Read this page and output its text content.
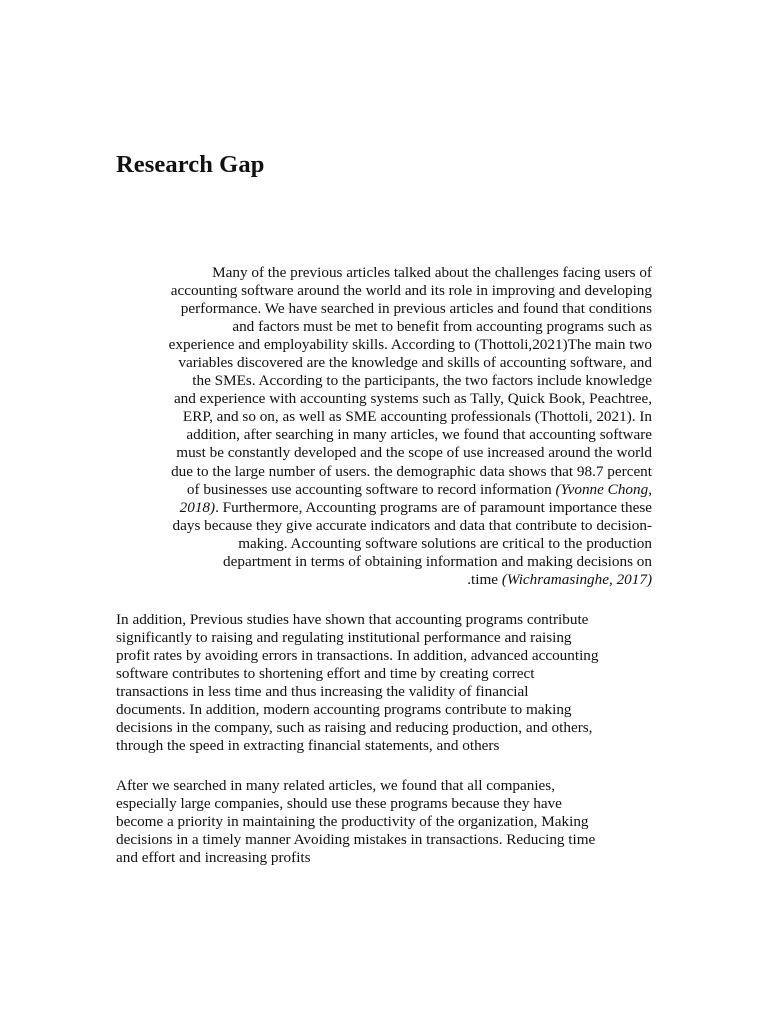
Research Gap
Many of the previous articles talked about the challenges facing users of
accounting software around the world and its role in improving and developing
performance. We have searched in previous articles and found that conditions
and factors must be met to benefit from accounting programs such as
experience and employability skills. According to (Thottoli,2021)The main two
variables discovered are the knowledge and skills of accounting software, and
the SMEs. According to the participants, the two factors include knowledge
and experience with accounting systems such as Tally, Quick Book, Peachtree,
ERP, and so on, as well as SME accounting professionals (Thottoli, 2021). In
addition, after searching in many articles, we found that accounting software
must be constantly developed and the scope of use increased around the world
due to the large number of users. the demographic data shows that 98.7 percent
of businesses use accounting software to record information (Yvonne Chong,
2018). Furthermore, Accounting programs are of paramount importance these
days because they give accurate indicators and data that contribute to decision-
making. Accounting software solutions are critical to the production
department in terms of obtaining information and making decisions on
.time (Wichramasinghe, 2017)
In addition, Previous studies have shown that accounting programs contribute
significantly to raising and regulating institutional performance and raising
profit rates by avoiding errors in transactions. In addition, advanced accounting
software contributes to shortening effort and time by creating correct
transactions in less time and thus increasing the validity of financial
documents. In addition, modern accounting programs contribute to making
decisions in the company, such as raising and reducing production, and others,
through the speed in extracting financial statements, and others
After we searched in many related articles, we found that all companies,
especially large companies, should use these programs because they have
become a priority in maintaining the productivity of the organization, Making
decisions in a timely manner Avoiding mistakes in transactions. Reducing time
and effort and increasing profits
